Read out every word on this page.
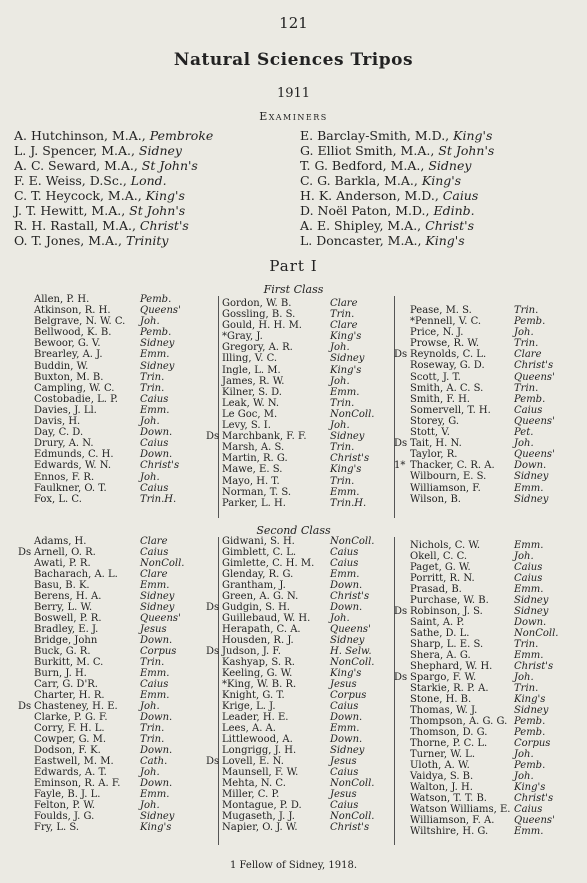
121
Natural Sciences Tripos
1911
Examiners
A. Hutchinson, M.A., Pembroke
L. J. Spencer, M.A., Sidney
A. C. Seward, M.A., St John's
F. E. Weiss, D.Sc., Lond.
C. T. Heycock, M.A., King's
J. T. Hewitt, M.A., St John's
R. H. Rastall, M.A., Christ's
O. T. Jones, M.A., Trinity
E. Barclay-Smith, M.D., King's
G. Elliot Smith, M.A., St John's
T. G. Bedford, M.A., Sidney
C. G. Barkla, M.A., King's
H. K. Anderson, M.D., Caius
D. Noël Paton, M.D., Edinb.
A. E. Shipley, M.A., Christ's
L. Doncaster, M.A., King's
Part I
First Class
Allen, P. H.	Pemb.
Atkinson, R. H.	Queens'
Belgrave, N. W. C. Joh.
Bellwood, K. B.	Pemb.
Bewoor, G. V.	Sidney
Brearley, A. J.	Emm.
Buddin, W.	Sidney
Buxton, M. B.	Trin.
Campling, W. C.	Trin.
Costobadie, L. P. Caius
Davies, J. Ll.	Emm.
Davis, H.	Joh.
Day, C. D.	Down.
Drury, A. N.	Caius
Edmunds, C. H.	Down.
Edwards, W. N.	Christ's
Ennos, F. R.	Joh.
Faulkner, O. T.	Caius
Fox, L. C.	Trin.H.
Gordon, W. B.	Clare
Gossling, B. S.	Trin.
Gould, H. H. M.	Clare
*Gray, J.	King's
Gregory, A. R.	Joh.
Illing, V. C.	Sidney
Ingle, L. M.	King's
James, R. W.	Joh.
Kilner, S. D.	Emm.
Leak, W. N.	Trin.
Le Goc, M.	NonColl.
Levy, S. I.	Joh.
Ds Marchbank, F. F. Sidney
Marsh, A. S.	Trin.
Martin, R. G.	Christ's
Mawe, E. S.	King's
Mayo, H. T.	Trin.
Norman, T. S.	Emm.
Parker, L. H.	Trin.H.
Pease, M. S.	Trin.
*Pennell, V. C.	Pemb.
Price, N. J.	Joh.
Prowse, R. W.	Trin.
Ds Reynolds, C. L.	Clare
Roseway, G. D.	Christ's
Scott, J. T.	Queens'
Smith, A. C. S.	Trin.
Smith, F. H.	Pemb.
Somervell, T. H. Caius
Storey, G.	Queens'
Stott, V.	Pet.
Ds Tait, H. N.	Joh.
Taylor, R.	Queens'
1* Thacker, C. R. A. Down.
Wilbourn, E. S.	Sidney
Williamson, F.	Emm.
Wilson, B.	Sidney
Second Class
Adams, H.	Clare
Ds Arnell, O. R.	Caius
Awati, P. R.	NonColl.
Bacharach, A. L. Clare
Basu, B. K.	Emm.
Berens, H. A.	Sidney
Berry, L. W.	Sidney
Boswell, P. R.	Queens'
Bradley, E. J.	Jesus
Bridge, John	Down.
Buck, G. R.	Corpus
Burkitt, M. C.	Trin.
Burn, J. H.	Emm.
Carr, G. D'R.	Caius
Charter, H. R.	Emm.
Ds Chasteney, H. E. Joh.
Clarke, P. G. F.	Down.
Corry, F. H. L.	Trin.
Cowper, G. M.	Trin.
Dodson, F. K.	Down.
Eastwell, M. M.	Cath.
Edwards, A. T.	Joh.
Eminson, R. A. F. Down.
Fayle, B. J. L.	Emm.
Felton, P. W.	Joh.
Foulds, J. G.	Sidney
Fry, L. S.	King's
Gidwani, S. H.	NonColl.
Gimblett, C. L.	Caius
Gimlette, C. H. M. Caius
Glenday, R. G.	Emm.
Grantham, J.	Down.
Green, A. G. N.	Christ's
Ds Gudgin, S. H.	Down.
Guillebaud, W. H. Joh.
Herapath, C. A.	Queens'
Housden, R. J.	Sidney
Ds Judson, J. F.	H. Selw.
Kashyap, S. R.	NonColl.
Keeling, G. W.	King's
*King, W. B. R.	Jesus
Knight, G. T.	Corpus
Krige, L. J.	Caius
Leader, H. E.	Down.
Lees, A. A.	Emm.
Littlewood, A.	Down.
Longrigg, J. H.	Sidney
Ds Lovell, E. N.	Jesus
Maunsell, F. W.	Caius
Mehta, N. C.	NonColl.
Miller, C. P.	Jesus
Montague, P. D.	Caius
Mugaseth, J. J.	NonColl.
Napier, O. J. W.	Christ's
Nichols, C. W.	Emm.
Okell, C. C.	Joh.
Paget, G. W.	Caius
Porritt, R. N.	Caius
Prasad, B.	Emm.
Purchase, W. B.	Sidney
Ds Robinson, J. S.	Sidney
Saint, A. P.	Down.
Sathe, D. L.	NonColl.
Sharp, L. E. S.	Trin.
Shera, A. G.	Emm.
Shephard, W. H. Christ's
Ds Spargo, F. W.	Joh.
Starkie, R. P. A.	Trin.
Stone, H. B.	King's
Thomas, W. J.	Sidney
Thompson, A. G. G. Pemb.
Thomson, D. G.	Pemb.
Thorne, P. C. L.	Corpus
Turner, W. L.	Joh.
Uloth, A. W.	Pemb.
Vaidya, S. B.	Joh.
Walton, J. H.	King's
Watson, T. T. B.	Christ's
Watson Williams, E. Caius
Williamson, F. A. Queens'
Wiltshire, H. G.	Emm.
1 Fellow of Sidney, 1918.
